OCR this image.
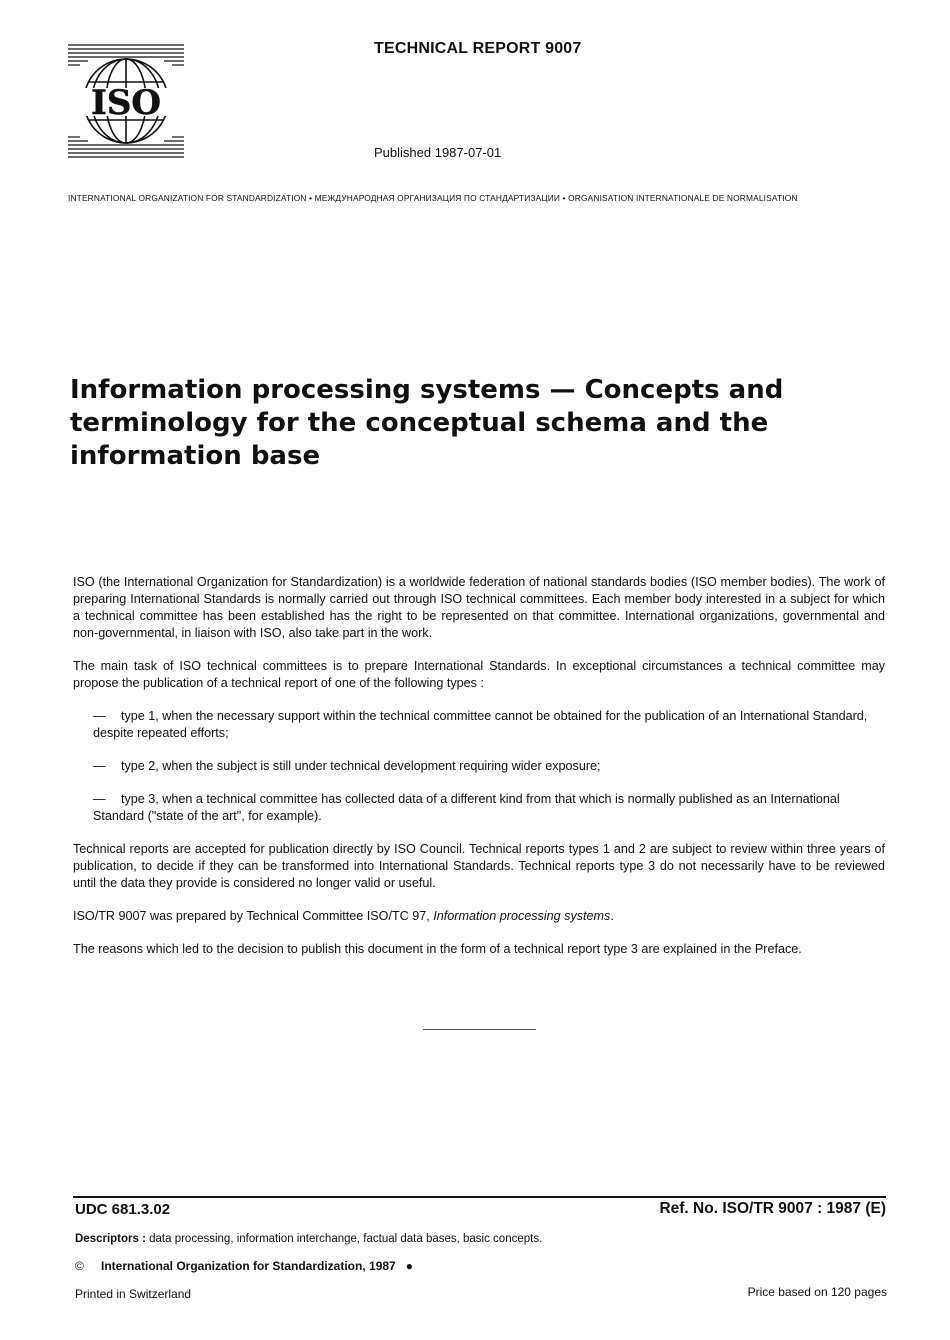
ISO
TECHNICAL REPORT 9007
Published 1987-07-01
INTERNATIONAL ORGANIZATION FOR STANDARDIZATION • МЕЖДУНАРОДНАЯ ОРГАНИЗАЦИЯ ПО СТАНДАРТИЗАЦИИ • ORGANISATION INTERNATIONALE DE NORMALISATION
Information processing systems — Concepts and
terminology for the conceptual schema and the
information base

ISO (the International Organization for Standardization) is a worldwide federation of national standards bodies (ISO member bodies). The work of preparing International Standards is normally carried out through ISO technical committees. Each member body interested in a subject for which a technical committee has been established has the right to be represented on that committee. International organizations, governmental and non-governmental, in liaison with ISO, also take part in the work.

The main task of ISO technical committees is to prepare International Standards. In exceptional circumstances a technical committee may propose the publication of a technical report of one of the following types :

— type 1, when the necessary support within the technical committee cannot be obtained for the publication of an International Standard, despite repeated efforts;
— type 2, when the subject is still under technical development requiring wider exposure;
— type 3, when a technical committee has collected data of a different kind from that which is normally published as an International Standard ("state of the art", for example).

Technical reports are accepted for publication directly by ISO Council. Technical reports types 1 and 2 are subject to review within three years of publication, to decide if they can be transformed into International Standards. Technical reports type 3 do not necessarily have to be reviewed until the data they provide is considered no longer valid or useful.

ISO/TR 9007 was prepared by Technical Committee ISO/TC 97, Information processing systems.

The reasons which led to the decision to publish this document in the form of a technical report type 3 are explained in the Preface.

UDC 681.3.02	Ref. No. ISO/TR 9007 : 1987 (E)
Descriptors : data processing, information interchange, factual data bases, basic concepts.
© International Organization for Standardization, 1987 ●
Printed in Switzerland	Price based on 120 pages
